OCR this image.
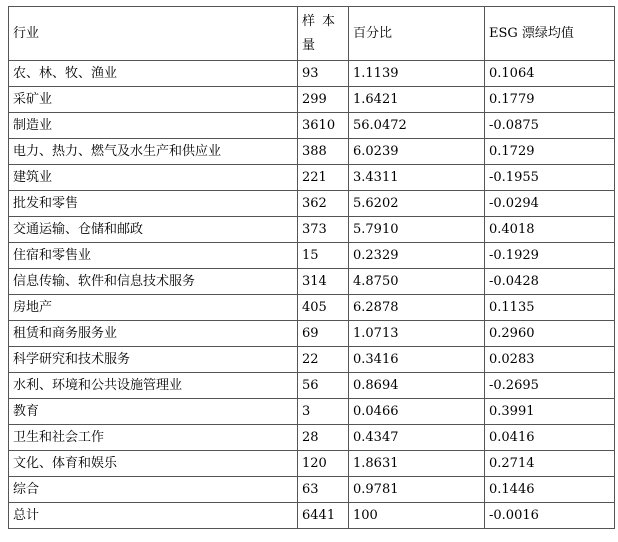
行业	样本量	百分比	ESG 漂绿均值
农、林、牧、渔业	93	1.1139	0.1064
采矿业	299	1.6421	0.1779
制造业	3610	56.0472	-0.0875
电力、热力、燃气及水生产和供应业	388	6.0239	0.1729
建筑业	221	3.4311	-0.1955
批发和零售	362	5.6202	-0.0294
交通运输、仓储和邮政	373	5.7910	0.4018
住宿和零售业	15	0.2329	-0.1929
信息传输、软件和信息技术服务	314	4.8750	-0.0428
房地产	405	6.2878	0.1135
租赁和商务服务业	69	1.0713	0.2960
科学研究和技术服务	22	0.3416	0.0283
水利、环境和公共设施管理业	56	0.8694	-0.2695
教育	3	0.0466	0.3991
卫生和社会工作	28	0.4347	0.0416
文化、体育和娱乐	120	1.8631	0.2714
综合	63	0.9781	0.1446
总计	6441	100	-0.0016
